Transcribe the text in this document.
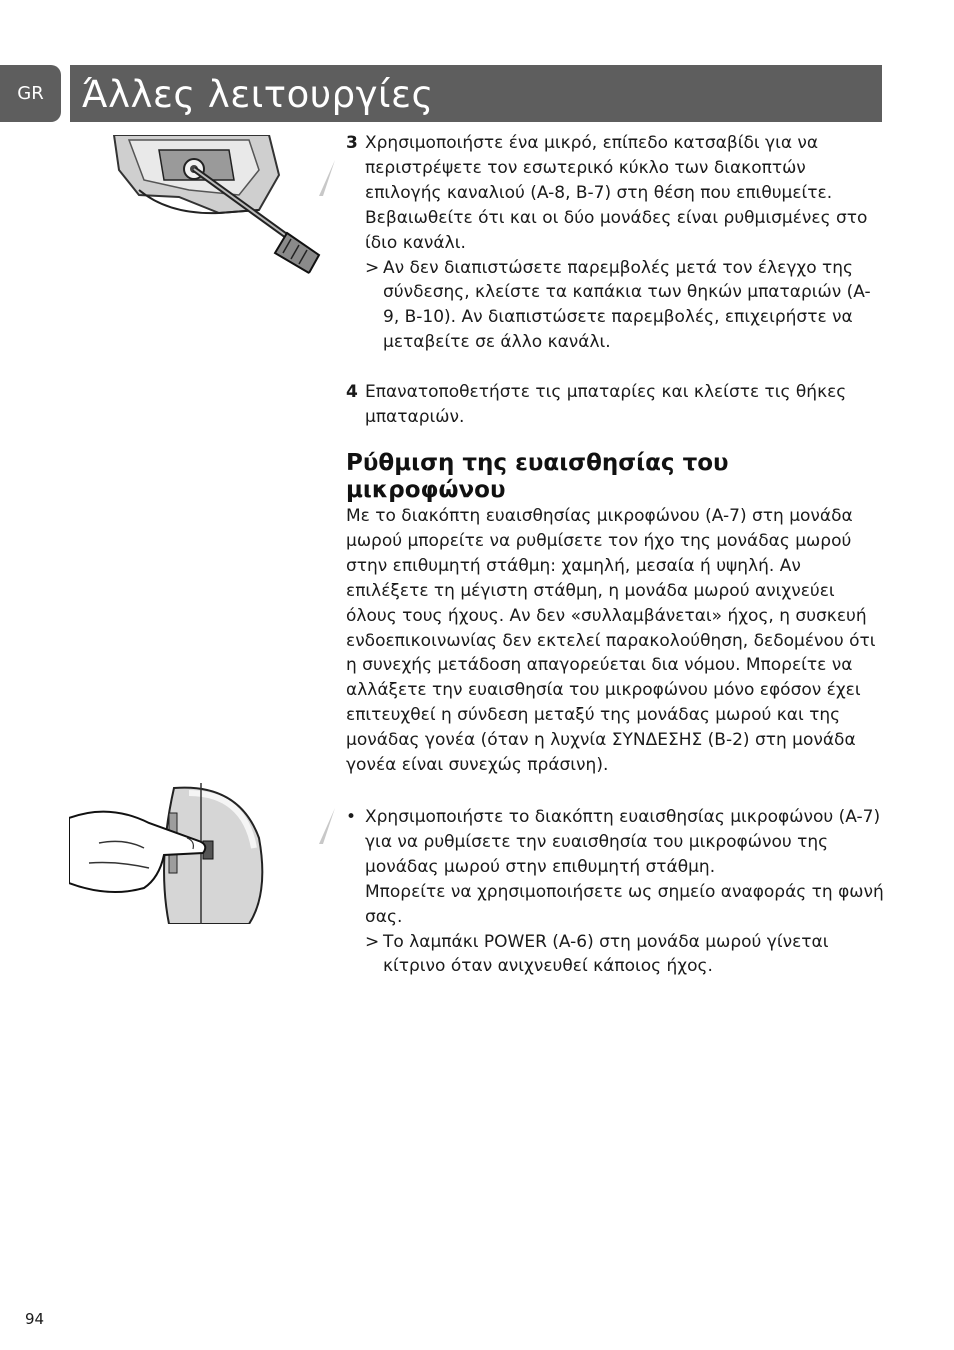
GR Άλλες λειτουργίες
3 Χρησιμοποιήστε ένα μικρό, επίπεδο κατσαβίδι για να περιστρέψετε τον εσωτερικό κύκλο των διακοπτών επιλογής καναλιού (A-8, B-7) στη θέση που επιθυμείτε. Βεβαιωθείτε ότι και οι δύο μονάδες είναι ρυθμισμένες στο ίδιο κανάλι.
> Αν δεν διαπιστώσετε παρεμβολές μετά τον έλεγχο της σύνδεσης, κλείστε τα καπάκια των θηκών μπαταριών (A-9, B-10). Αν διαπιστώσετε παρεμβολές, επιχειρήστε να μεταβείτε σε άλλο κανάλι.
4 Επανατοποθετήστε τις μπαταρίες και κλείστε τις θήκες μπαταριών.
Ρύθμιση της ευαισθησίας του μικροφώνου
Με το διακόπτη ευαισθησίας μικροφώνου (A-7) στη μονάδα μωρού μπορείτε να ρυθμίσετε τον ήχο της μονάδας μωρού στην επιθυμητή στάθμη: χαμηλή, μεσαία ή υψηλή. Αν επιλέξετε τη μέγιστη στάθμη, η μονάδα μωρού ανιχνεύει όλους τους ήχους. Αν δεν «συλλαμβάνεται» ήχος, η συσκευή ενδοεπικοινωνίας δεν εκτελεί παρακολούθηση, δεδομένου ότι η συνεχής μετάδοση απαγορεύεται δια νόμου. Μπορείτε να αλλάξετε την ευαισθησία του μικροφώνου μόνο εφόσον έχει επιτευχθεί η σύνδεση μεταξύ της μονάδας μωρού και της μονάδας γονέα (όταν η λυχνία ΣΥΝΔΕΣΗΣ (B-2) στη μονάδα γονέα είναι συνεχώς πράσινη).
• Χρησιμοποιήστε το διακόπτη ευαισθησίας μικροφώνου (A-7) για να ρυθμίσετε την ευαισθησία του μικροφώνου της μονάδας μωρού στην επιθυμητή στάθμη.
Μπορείτε να χρησιμοποιήσετε ως σημείο αναφοράς τη φωνή σας.
> Το λαμπάκι POWER (A-6) στη μονάδα μωρού γίνεται κίτρινο όταν ανιχνευθεί κάποιος ήχος.
94
